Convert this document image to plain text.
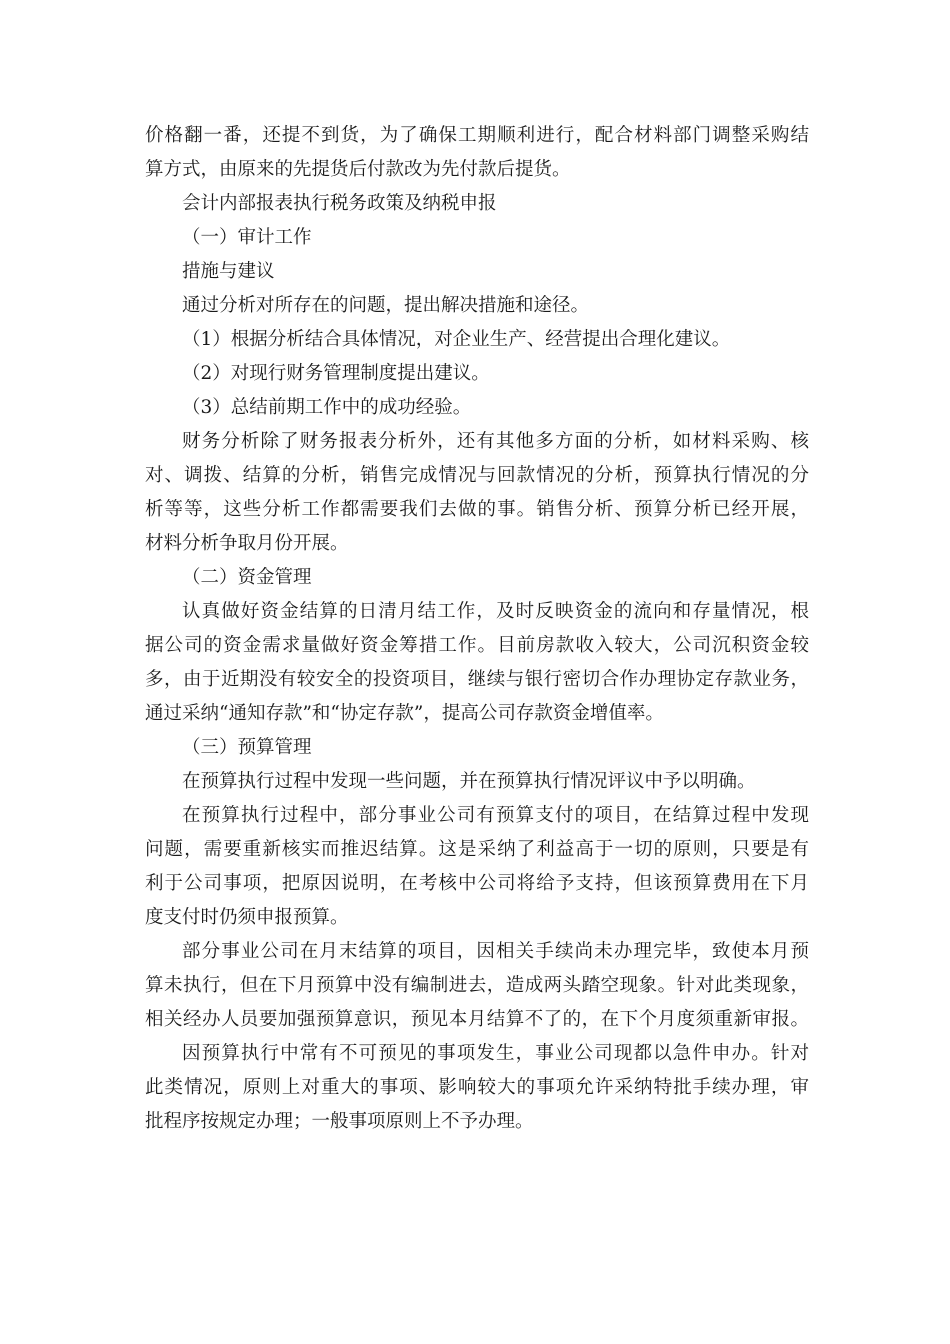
价格翻一番，还提不到货，为了确保工期顺利进行，配合材料部门调整采购结
算方式，由原来的先提货后付款改为先付款后提货。
会计内部报表执行税务政策及纳税申报
（一）审计工作
措施与建议
通过分析对所存在的问题，提出解决措施和途径。
（1）根据分析结合具体情况，对企业生产、经营提出合理化建议。
（2）对现行财务管理制度提出建议。
（3）总结前期工作中的成功经验。
财务分析除了财务报表分析外，还有其他多方面的分析，如材料采购、核
对、调拨、结算的分析，销售完成情况与回款情况的分析，预算执行情况的分
析等等，这些分析工作都需要我们去做的事。销售分析、预算分析已经开展，
材料分析争取月份开展。
（二）资金管理
认真做好资金结算的日清月结工作，及时反映资金的流向和存量情况，根
据公司的资金需求量做好资金筹措工作。目前房款收入较大，公司沉积资金较
多，由于近期没有较安全的投资项目，继续与银行密切合作办理协定存款业务，
通过采纳“通知存款”和“协定存款”，提高公司存款资金增值率。
（三）预算管理
在预算执行过程中发现一些问题，并在预算执行情况评议中予以明确。
在预算执行过程中，部分事业公司有预算支付的项目，在结算过程中发现
问题，需要重新核实而推迟结算。这是采纳了利益高于一切的原则，只要是有
利于公司事项，把原因说明，在考核中公司将给予支持，但该预算费用在下月
度支付时仍须申报预算。
部分事业公司在月末结算的项目，因相关手续尚未办理完毕，致使本月预
算未执行，但在下月预算中没有编制进去，造成两头踏空现象。针对此类现象，
相关经办人员要加强预算意识，预见本月结算不了的，在下个月度须重新审报。
因预算执行中常有不可预见的事项发生，事业公司现都以急件申办。针对
此类情况，原则上对重大的事项、影响较大的事项允许采纳特批手续办理，审
批程序按规定办理；一般事项原则上不予办理。
